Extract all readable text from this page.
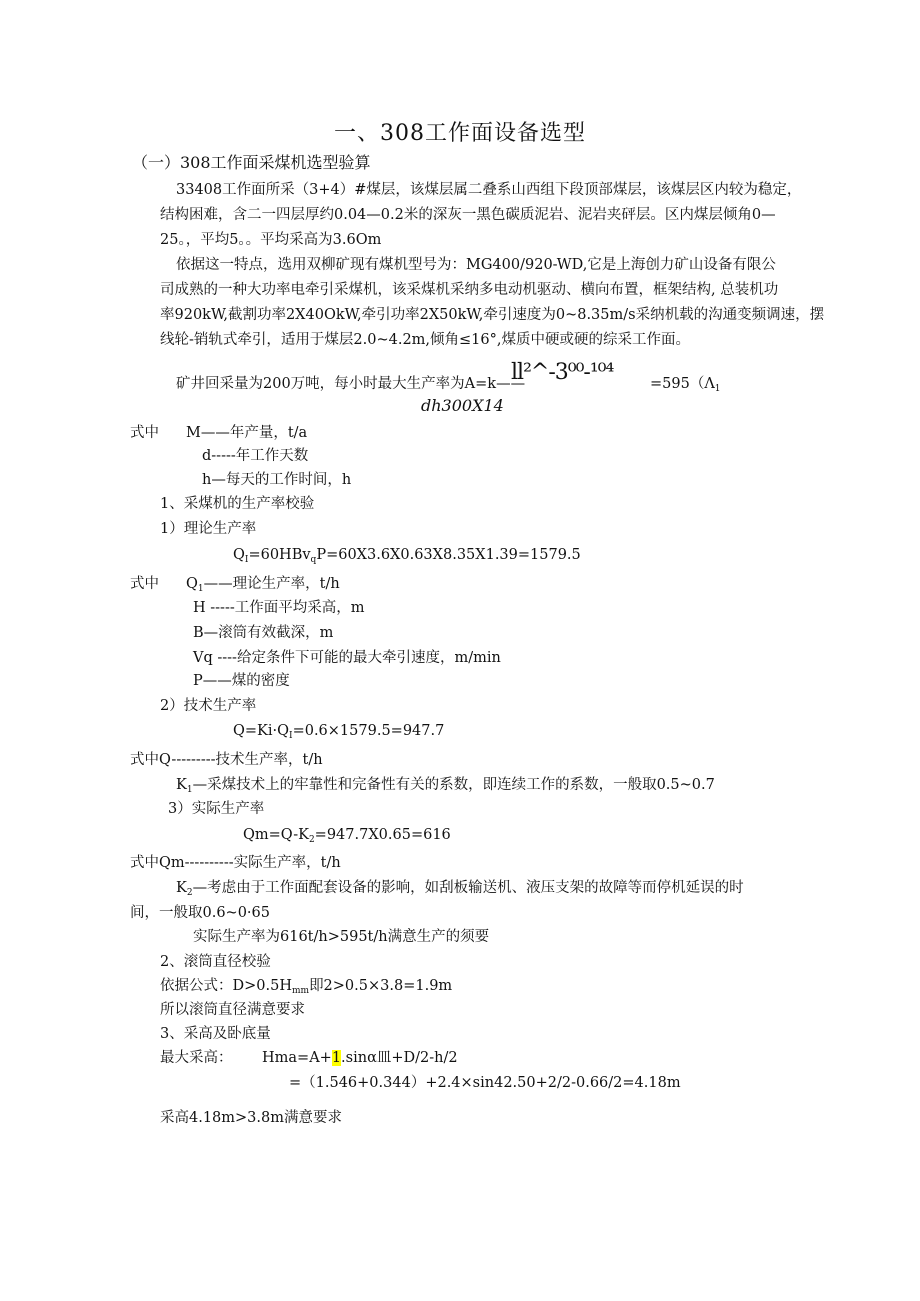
一、308工作面设备选型
（一）308工作面采煤机选型验算
33408工作面所采（3+4）#煤层，该煤层属二叠系山西组下段顶部煤层，该煤层区内较为稳定，
结构困难，含二一四层厚约0.04—0.2米的深灰一黑色碳质泥岩、泥岩夹砰层。区内煤层倾角0—
25。，平均5。。平均采高为3.6Om
依据这一特点，选用双柳矿现有煤机型号为：MG400/920-WD,它是上海创力矿山设备有限公
司成熟的一种大功率电牵引采煤机，该采煤机采纳多电动机驱动、横向布置，框架结构, 总装机功
率920kW,截割功率2X40OkW,牵引功率2X50kW,牵引速度为0~8.35m/s采纳机载的沟通变频调速，摆
线轮-销轨式牵引，适用于煤层2.0~4.2m,倾角≤16°,煤质中硬或硬的综采工作面。
矿井回采量为200万吨，每小时最大生产率为A=k——
ll²^-3⁰⁰-¹⁰⁴	$=595(\Lambda_1$
dh300X14
式中 M——年产量，t/a
d-----年工作天数
h—每天的工作时间，h
1、采煤机的生产率校验
1）理论生产率
$Q_I=60HBv_qP=60X3.6X0.63X8.35X1.39=1579.5$
式中 $Q_1——$理论生产率，t/h
H -----工作面平均采高，m
B—滚筒有效截深，m
Vq ----给定条件下可能的最大牵引速度，m/min
P——煤的密度
2）技术生产率
$Q=Ki\cdot Q_I=0.6\times 1579.5=947.7$
式中Q---------技术生产率，t/h
$K_1—$采煤技术上的牢靠性和完备性有关的系数，即连续工作的系数，一般取0.5~0.7
3）实际生产率
$Qm=Q-K_2=947.7X0.65=616$
式中Qm----------实际生产率，t/h
$K_2—$考虑由于工作面配套设备的影响，如刮板输送机、液压支架的故障等而停机延误的时
间，一般取0.6~0·65
实际生产率为616t/h>595t/h满意生产的须要
2、滚筒直径校验
依据公式：$D>0.5H_{mm}$即2>0.5×3.8=1.9m
所以滚筒直径满意要求
3、采高及卧底量
最大采高： Hma=A+1.sinα皿+D/2-h/2
=（1.546+0.344）+2.4×sin42.50+2/2-0.66/2=4.18m
采高4.18m>3.8m满意要求
